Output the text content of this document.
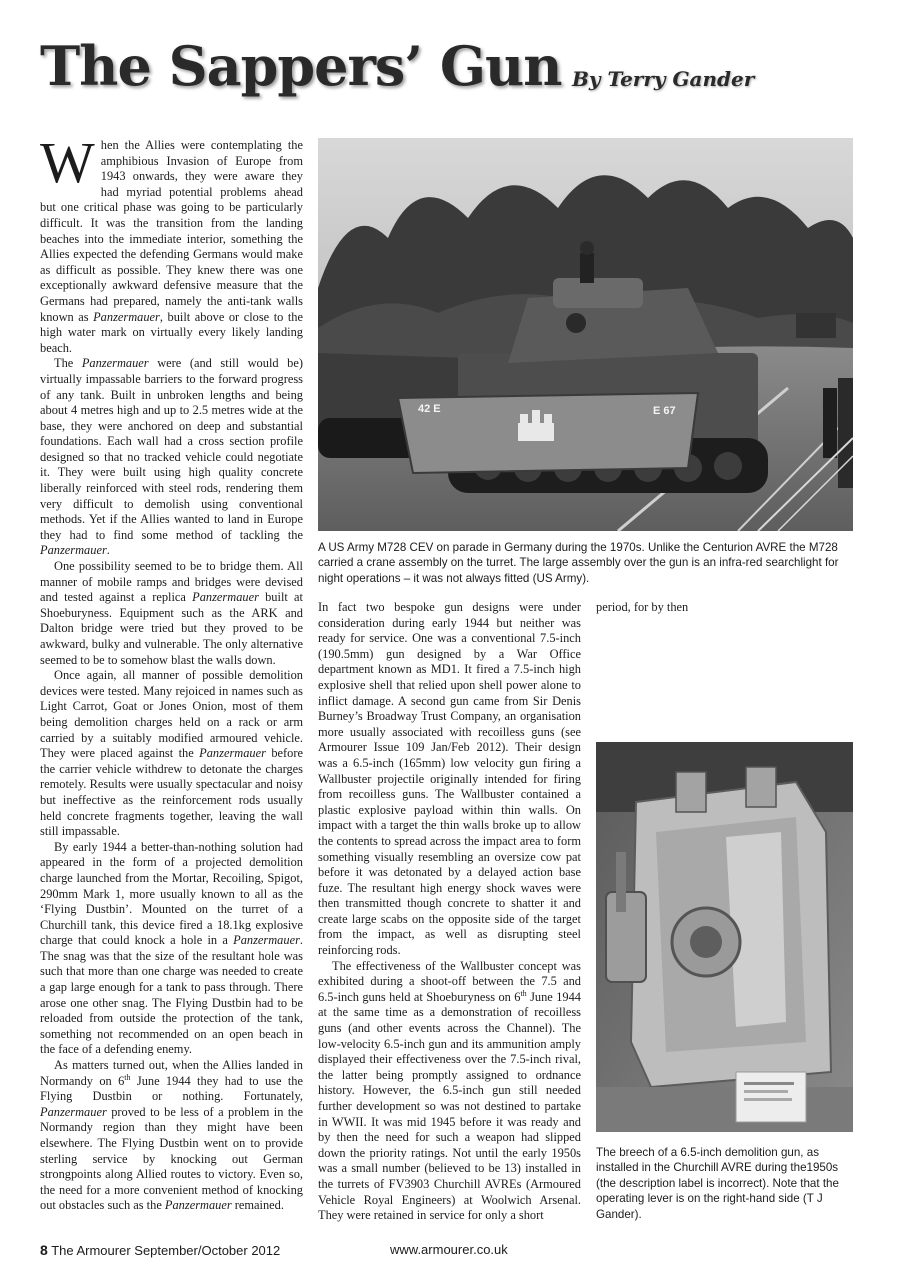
The Sappers’ Gun By Terry Gander

When the Allies were contemplating the amphibious Invasion of Europe from 1943 onwards, they were aware they had myriad potential problems ahead but one critical phase was going to be particularly difficult. It was the transition from the landing beaches into the immediate interior, something the Allies expected the defending Germans would make as difficult as possible. They knew there was one exceptionally awkward defensive measure that the Germans had prepared, namely the anti-tank walls known as Panzermauer, built above or close to the high water mark on virtually every likely landing beach.

The Panzermauer were (and still would be) virtually impassable barriers to the forward progress of any tank. Built in unbroken lengths and being about 4 metres high and up to 2.5 metres wide at the base, they were anchored on deep and substantial foundations. Each wall had a cross section profile designed so that no tracked vehicle could negotiate it. They were built using high quality concrete liberally reinforced with steel rods, rendering them very difficult to demolish using conventional methods. Yet if the Allies wanted to land in Europe they had to find some method of tackling the Panzermauer.

One possibility seemed to be to bridge them. All manner of mobile ramps and bridges were devised and tested against a replica Panzermauer built at Shoeburyness. Equipment such as the ARK and Dalton bridge were tried but they proved to be awkward, bulky and vulnerable. The only alternative seemed to be to somehow blast the walls down.

Once again, all manner of possible demolition devices were tested. Many rejoiced in names such as Light Carrot, Goat or Jones Onion, most of them being demolition charges held on a rack or arm carried by a suitably modified armoured vehicle. They were placed against the Panzermauer before the carrier vehicle withdrew to detonate the charges remotely. Results were usually spectacular and noisy but ineffective as the reinforcement rods usually held concrete fragments together, leaving the wall still impassable.

By early 1944 a better-than-nothing solution had appeared in the form of a projected demolition charge launched from the Mortar, Recoiling, Spigot, 290mm Mark 1, more usually known to all as the ‘Flying Dustbin’. Mounted on the turret of a Churchill tank, this device fired a 18.1kg explosive charge that could knock a hole in a Panzermauer. The snag was that the size of the resultant hole was such that more than one charge was needed to create a gap large enough for a tank to pass through. There arose one other snag. The Flying Dustbin had to be reloaded from outside the protection of the tank, something not recommended on an open beach in the face of a defending enemy.

As matters turned out, when the Allies landed in Normandy on 6th June 1944 they had to use the Flying Dustbin or nothing. Fortunately, Panzermauer proved to be less of a problem in the Normandy region than they might have been elsewhere. The Flying Dustbin went on to provide sterling service by knocking out German strongpoints along Allied routes to victory. Even so, the need for a more convenient method of knocking out obstacles such as the Panzermauer remained.

In fact two bespoke gun designs were under consideration during early 1944 but neither was ready for service. One was a conventional 7.5-inch (190.5mm) gun designed by a War Office department known as MD1. It fired a 7.5-inch high explosive shell that relied upon shell power alone to inflict damage. A second gun came from Sir Denis Burney’s Broadway Trust Company, an organisation more usually associated with recoilless guns (see Armourer Issue 109 Jan/Feb 2012). Their design was a 6.5-inch (165mm) low velocity gun firing a Wallbuster projectile originally intended for firing from recoilless guns. The Wallbuster contained a plastic explosive payload within thin walls. On impact with a target the thin walls broke up to allow the contents to spread across the impact area to form something visually resembling an oversize cow pat before it was detonated by a delayed action base fuze. The resultant high energy shock waves were then transmitted though concrete to shatter it and create large scabs on the opposite side of the target from the impact, as well as disrupting steel reinforcing rods.

The effectiveness of the Wallbuster concept was exhibited during a shoot-off between the 7.5 and 6.5-inch guns held at Shoeburyness on 6th June 1944 at the same time as a demonstration of recoilless guns (and other events across the Channel). The low-velocity 6.5-inch gun and its ammunition amply displayed their effectiveness over the 7.5-inch rival, the latter being promptly assigned to ordnance history. However, the 6.5-inch gun still needed further development so was not destined to partake in WWII. It was mid 1945 before it was ready and by then the need for such a weapon had slipped down the priority ratings. Not until the early 1950s was a small number (believed to be 13) installed in the turrets of FV3903 Churchill AVREs (Armoured Vehicle Royal Engineers) at Woolwich Arsenal. They were retained in service for only a short

period, for by then

42 E	E 67

A US Army M728 CEV on parade in Germany during the 1970s. Unlike the Centurion AVRE the M728 carried a crane assembly on the turret. The large assembly over the gun is an infra-red searchlight for night operations – it was not always fitted (US Army).

The breech of a 6.5-inch demolition gun, as installed in the Churchill AVRE during the1950s (the description label is incorrect). Note that the operating lever is on the right-hand side (T J Gander).

8 The Armourer September/October 2012	www.armourer.co.uk
